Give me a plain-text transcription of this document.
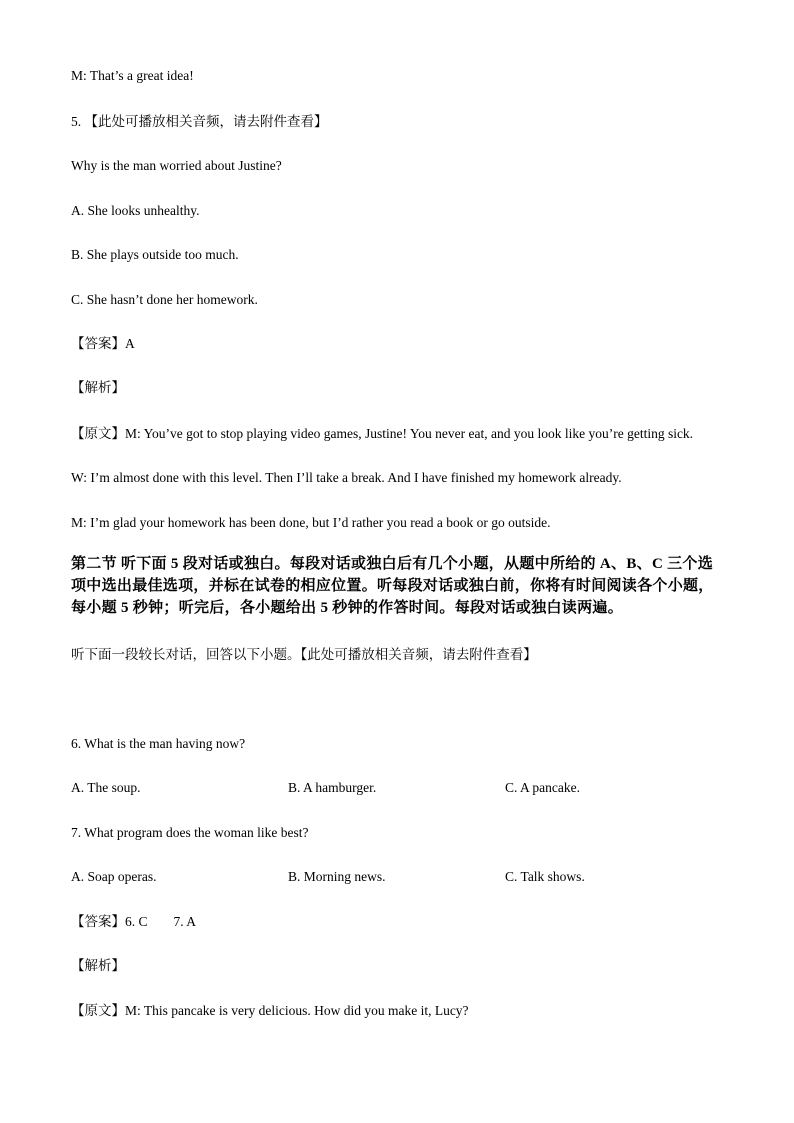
M: That’s a great idea!
5. 【此处可播放相关音频，请去附件查看】
Why is the man worried about Justine?
A. She looks unhealthy.
B. She plays outside too much.
C. She hasn’t done her homework.
【答案】A
【解析】
【原文】M: You’ve got to stop playing video games, Justine! You never eat, and you look like you’re getting sick.
W: I’m almost done with this level. Then I’ll take a break. And I have finished my homework already.
M: I’m glad your homework has been done, but I’d rather you read a book or go outside.
第二节 听下面 5 段对话或独白。每段对话或独白后有几个小题，从题中所给的 A、B、C 三个选项中选出最佳选项，并标在试卷的相应位置。听每段对话或独白前，你将有时间阅读各个小题，每小题 5 秒钟；听完后，各小题给出 5 秒钟的作答时间。每段对话或独白读两遍。
听下面一段较长对话，回答以下小题。【此处可播放相关音频，请去附件查看】
6. What is the man having now?
A. The soup.	B. A hamburger.	C. A pancake.
7. What program does the woman like best?
A. Soap operas.	B. Morning news.	C. Talk shows.
【答案】6. C 7. A
【解析】
【原文】M: This pancake is very delicious. How did you make it, Lucy?
